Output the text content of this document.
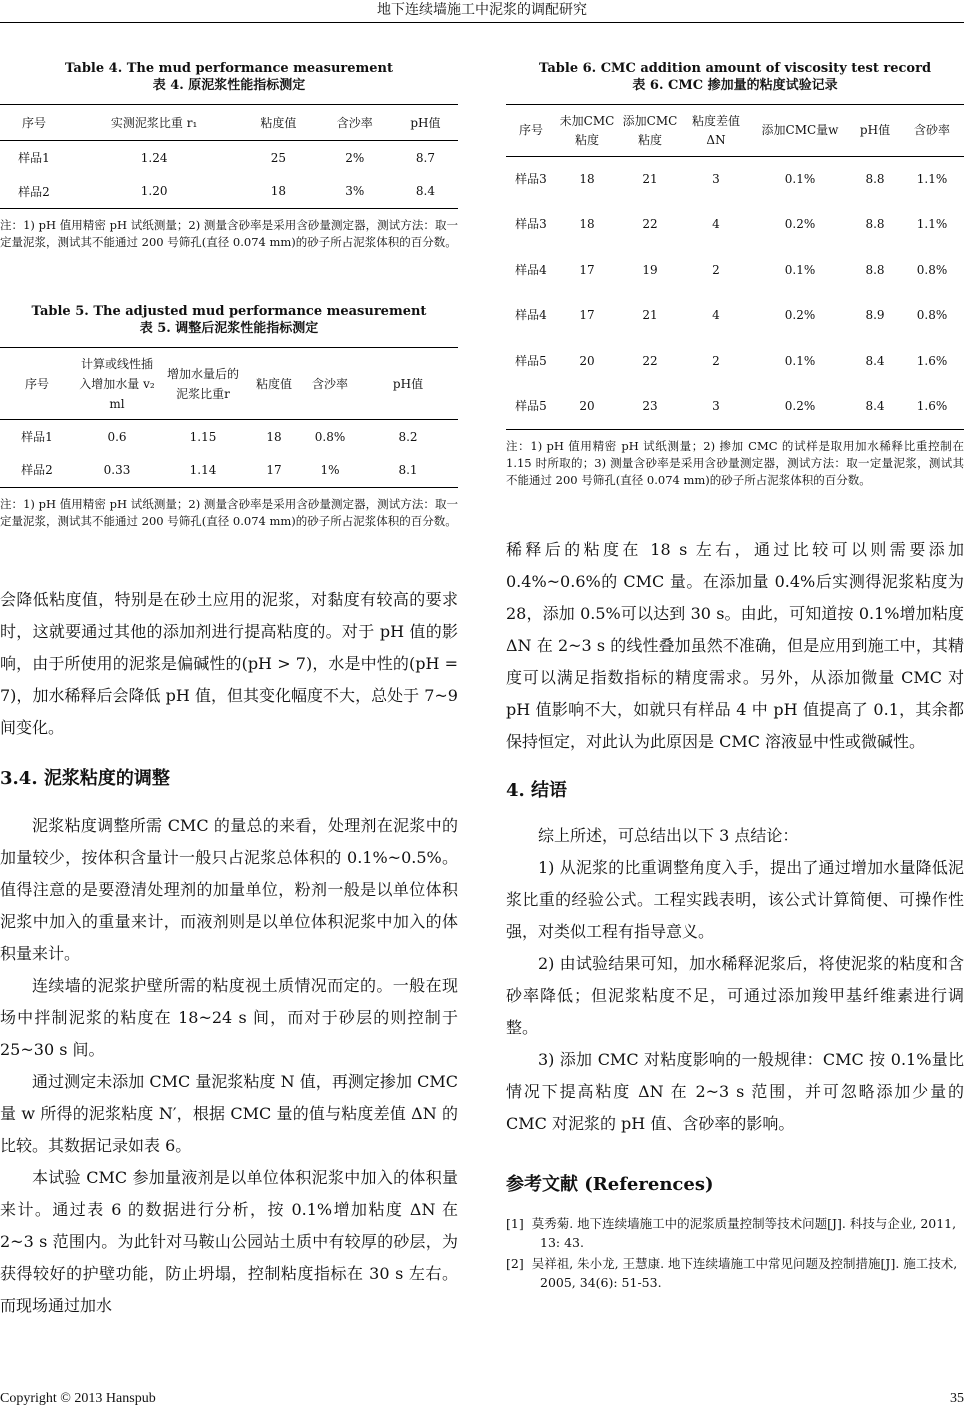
地下连续墙施工中泥浆的调配研究
Table 4. The mud performance measurement
表 4. 原泥浆性能指标测定
序号	实测泥浆比重 r₁	粘度值	含沙率	pH值
样品1	1.24	25	2%	8.7
样品2	1.20	18	3%	8.4
注：1) pH 值用精密 pH 试纸测量；2) 测量含砂率是采用含砂量测定器，测试方法：取一定量泥浆，测试其不能通过 200 号筛孔(直径 0.074 mm)的砂子所占泥浆体积的百分数。
Table 5. The adjusted mud performance measurement
表 5. 调整后泥浆性能指标测定
序号	计算或线性插入增加水量 v₂ ml	增加水量后的泥浆比重r	粘度值	含沙率	pH值
样品1	0.6	1.15	18	0.8%	8.2
样品2	0.33	1.14	17	1%	8.1
注：1) pH 值用精密 pH 试纸测量；2) 测量含砂率是采用含砂量测定器，测试方法：取一定量泥浆，测试其不能通过 200 号筛孔(直径 0.074 mm)的砂子所占泥浆体积的百分数。

会降低粘度值，特别是在砂土应用的泥浆，对黏度有较高的要求时，这就要通过其他的添加剂进行提高粘度的。对于 pH 值的影响，由于所使用的泥浆是偏碱性的(pH > 7)，水是中性的(pH = 7)，加水稀释后会降低 pH 值，但其变化幅度不大，总处于 7~9 间变化。

3.4. 泥浆粘度的调整

泥浆粘度调整所需 CMC 的量总的来看，处理剂在泥浆中的加量较少，按体积含量计一般只占泥浆总体积的 0.1%~0.5%。值得注意的是要澄清处理剂的加量单位，粉剂一般是以单位体积泥浆中加入的重量来计，而液剂则是以单位体积泥浆中加入的体积量来计。

连续墙的泥浆护壁所需的粘度视土质情况而定的。一般在现场中拌制泥浆的粘度在 18~24 s 间，而对于砂层的则控制于 25~30 s 间。

通过测定未添加 CMC 量泥浆粘度 N 值，再测定掺加 CMC 量 w 所得的泥浆粘度 N′，根据 CMC 量的值与粘度差值 ΔN 的比较。其数据记录如表 6。

本试验 CMC 参加量液剂是以单位体积泥浆中加入的体积量来计。通过表 6 的数据进行分析，按 0.1%增加粘度 ΔN 在 2~3 s 范围内。为此针对马鞍山公园站土质中有较厚的砂层，为获得较好的护壁功能，防止坍塌，控制粘度指标在 30 s 左右。而现场通过加水

Table 6. CMC addition amount of viscosity test record
表 6. CMC 掺加量的粘度试验记录
序号	未加CMC粘度	添加CMC粘度	粘度差值ΔN	添加CMC量w	pH值	含砂率
样品3	18	21	3	0.1%	8.8	1.1%
样品3	18	22	4	0.2%	8.8	1.1%
样品4	17	19	2	0.1%	8.8	0.8%
样品4	17	21	4	0.2%	8.9	0.8%
样品5	20	22	2	0.1%	8.4	1.6%
样品5	20	23	3	0.2%	8.4	1.6%
注：1) pH 值用精密 pH 试纸测量；2) 掺加 CMC 的试样是取用加水稀释比重控制在 1.15 时所取的；3) 测量含砂率是采用含砂量测定器，测试方法：取一定量泥浆，测试其不能通过 200 号筛孔(直径 0.074 mm)的砂子所占泥浆体积的百分数。

稀释后的粘度在 18 s 左右，通过比较可以则需要添加 0.4%~0.6%的 CMC 量。在添加量 0.4%后实测得泥浆粘度为 28，添加 0.5%可以达到 30 s。由此，可知道按 0.1%增加粘度 ΔN 在 2~3 s 的线性叠加虽然不准确，但是应用到施工中，其精度可以满足指数指标的精度需求。另外，从添加微量 CMC 对 pH 值影响不大，如就只有样品 4 中 pH 值提高了 0.1，其余都保持恒定，对此认为此原因是 CMC 溶液显中性或微碱性。

4. 结语

综上所述，可总结出以下 3 点结论：

1) 从泥浆的比重调整角度入手，提出了通过增加水量降低泥浆比重的经验公式。工程实践表明，该公式计算简便、可操作性强，对类似工程有指导意义。

2) 由试验结果可知，加水稀释泥浆后，将使泥浆的粘度和含砂率降低；但泥浆粘度不足，可通过添加羧甲基纤维素进行调整。

3) 添加 CMC 对粘度影响的一般规律：CMC 按 0.1%量比情况下提高粘度 ΔN 在 2~3 s 范围，并可忽略添加少量的 CMC 对泥浆的 pH 值、含砂率的影响。

参考文献 (References)

[1] 莫秀菊. 地下连续墙施工中的泥浆质量控制等技术问题[J]. 科技与企业, 2011, 13: 43.
[2] 吴祥祖, 朱小龙, 王慧康. 地下连续墙施工中常见问题及控制措施[J]. 施工技术, 2005, 34(6): 51-53.
Copyright © 2013 Hanspub	35
